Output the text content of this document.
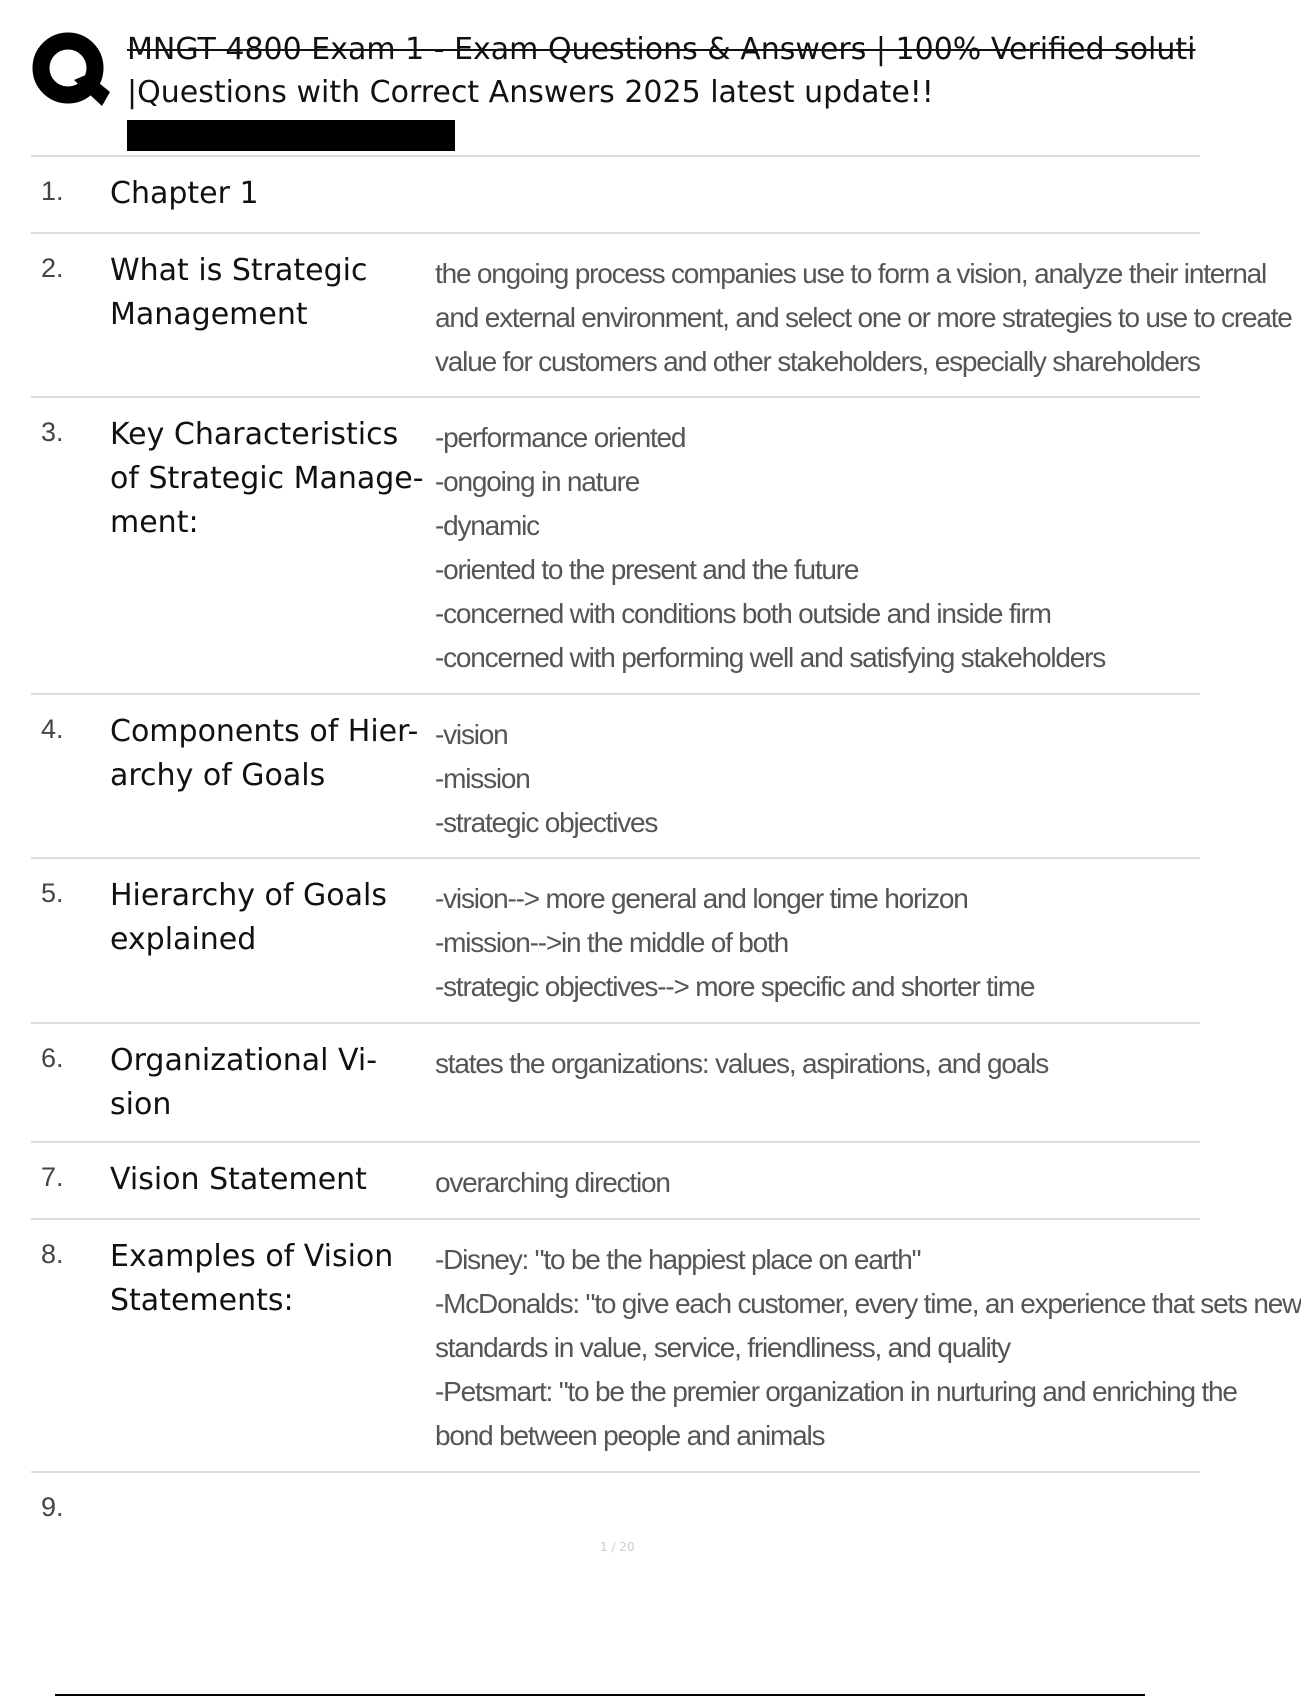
MNGT 4800 Exam 1 - Exam Questions & Answers | 100% Verified soluti
|Questions with Correct Answers 2025 latest update!!
1. Chapter 1
2. What is Strategic Management
the ongoing process companies use to form a vision, analyze their internal
and external environment, and select one or more strategies to use to create
value for customers and other stakeholders, especially shareholders
3. Key Characteristics of Strategic Manage-ment:
-performance oriented
-ongoing in nature
-dynamic
-oriented to the present and the future
-concerned with conditions both outside and inside firm
-concerned with performing well and satisfying stakeholders
4. Components of Hier-archy of Goals
-vision
-mission
-strategic objectives
5. Hierarchy of Goals explained
-vision--> more general and longer time horizon
-mission-->in the middle of both
-strategic objectives--> more specific and shorter time
6. Organizational Vi-sion
states the organizations: values, aspirations, and goals
7. Vision Statement	overarching direction
8. Examples of Vision Statements:
-Disney: "to be the happiest place on earth"
-McDonalds: "to give each customer, every time, an experience that sets new
standards in value, service, friendliness, and quality
-Petsmart: "to be the premier organization in nurturing and enriching the
bond between people and animals
9.
1 / 20
